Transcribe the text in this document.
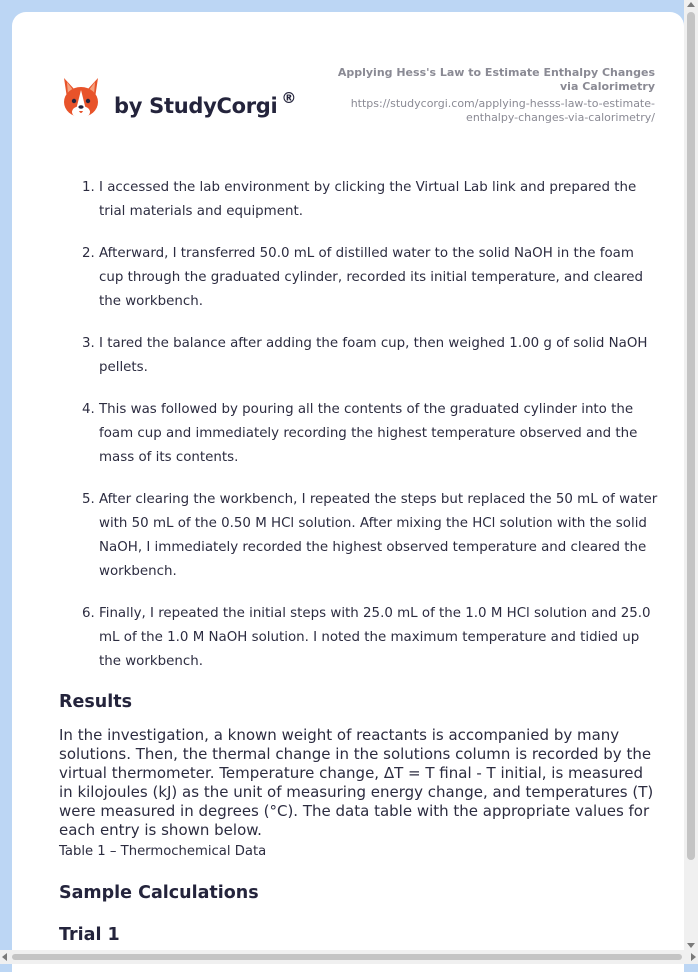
by StudyCorgi ®
Applying Hess's Law to Estimate Enthalpy Changes via Calorimetry
https://studycorgi.com/applying-hesss-law-to-estimate-enthalpy-changes-via-calorimetry/
1. I accessed the lab environment by clicking the Virtual Lab link and prepared the trial materials and equipment.
2. Afterward, I transferred 50.0 mL of distilled water to the solid NaOH in the foam cup through the graduated cylinder, recorded its initial temperature, and cleared the workbench.
3. I tared the balance after adding the foam cup, then weighed 1.00 g of solid NaOH pellets.
4. This was followed by pouring all the contents of the graduated cylinder into the foam cup and immediately recording the highest temperature observed and the mass of its contents.
5. After clearing the workbench, I repeated the steps but replaced the 50 mL of water with 50 mL of the 0.50 M HCl solution. After mixing the HCl solution with the solid NaOH, I immediately recorded the highest observed temperature and cleared the workbench.
6. Finally, I repeated the initial steps with 25.0 mL of the 1.0 M HCl solution and 25.0 mL of the 1.0 M NaOH solution. I noted the maximum temperature and tidied up the workbench.
Results

In the investigation, a known weight of reactants is accompanied by many solutions. Then, the thermal change in the solutions column is recorded by the virtual thermometer. Temperature change, ΔT = T final - T initial, is measured in kilojoules (kJ) as the unit of measuring energy change, and temperatures (T) were measured in degrees (°C). The data table with the appropriate values for each entry is shown below.

Table 1 – Thermochemical Data

Sample Calculations
Trial 1
